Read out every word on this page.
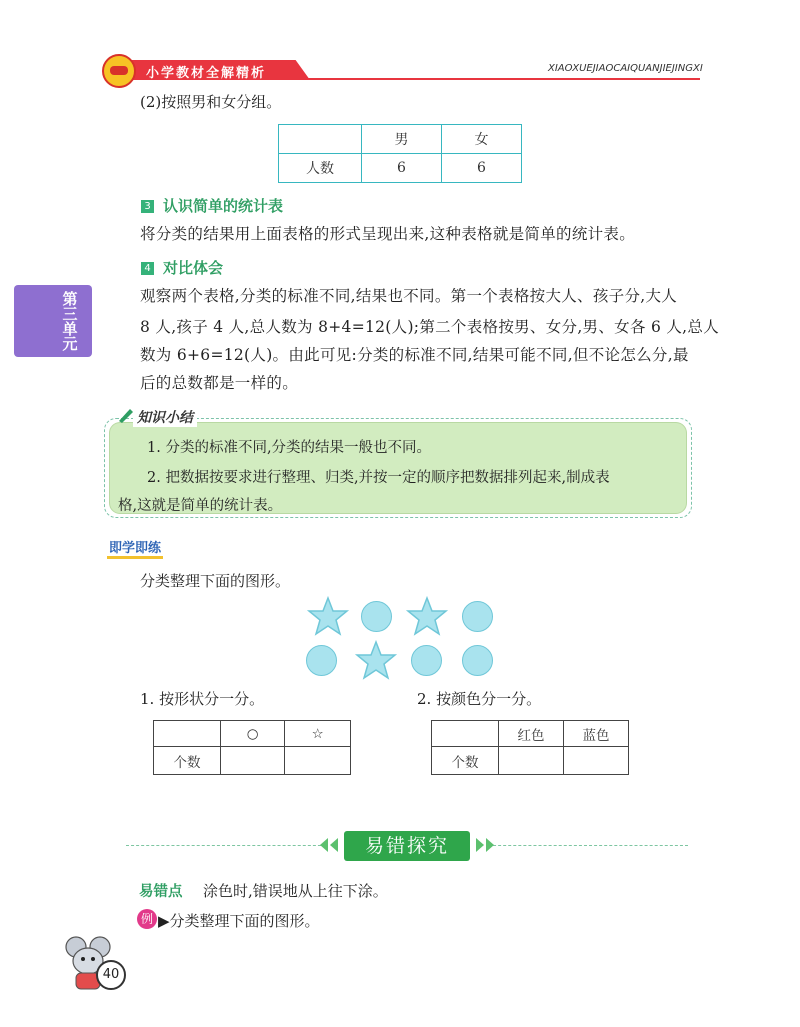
小学教材全解精析	XIAOXUEJIAOCAIQUANJIEJINGXI
第三单元
(2)按照男和女分组。
	男	女
人数	6	6
3 认识简单的统计表
将分类的结果用上面表格的形式呈现出来,这种表格就是简单的统计表。
4 对比体会
观察两个表格,分类的标准不同,结果也不同。第一个表格按大人、孩子分,大人
8 人,孩子 4 人,总人数为 8+4=12(人);第二个表格按男、女分,男、女各 6 人,总人
数为 6+6=12(人)。由此可见:分类的标准不同,结果可能不同,但不论怎么分,最
后的总数都是一样的。
知识小结
1. 分类的标准不同,分类的结果一般也不同。
2. 把数据按要求进行整理、归类,并按一定的顺序把数据排列起来,制成表
格,这就是简单的统计表。
即学即练
分类整理下面的图形。
1. 按形状分一分。
	○	☆
个数		
2. 按颜色分一分。
	红色	蓝色
个数		
易错探究
易错点 涂色时,错误地从上往下涂。
例 ▶分类整理下面的图形。
40
